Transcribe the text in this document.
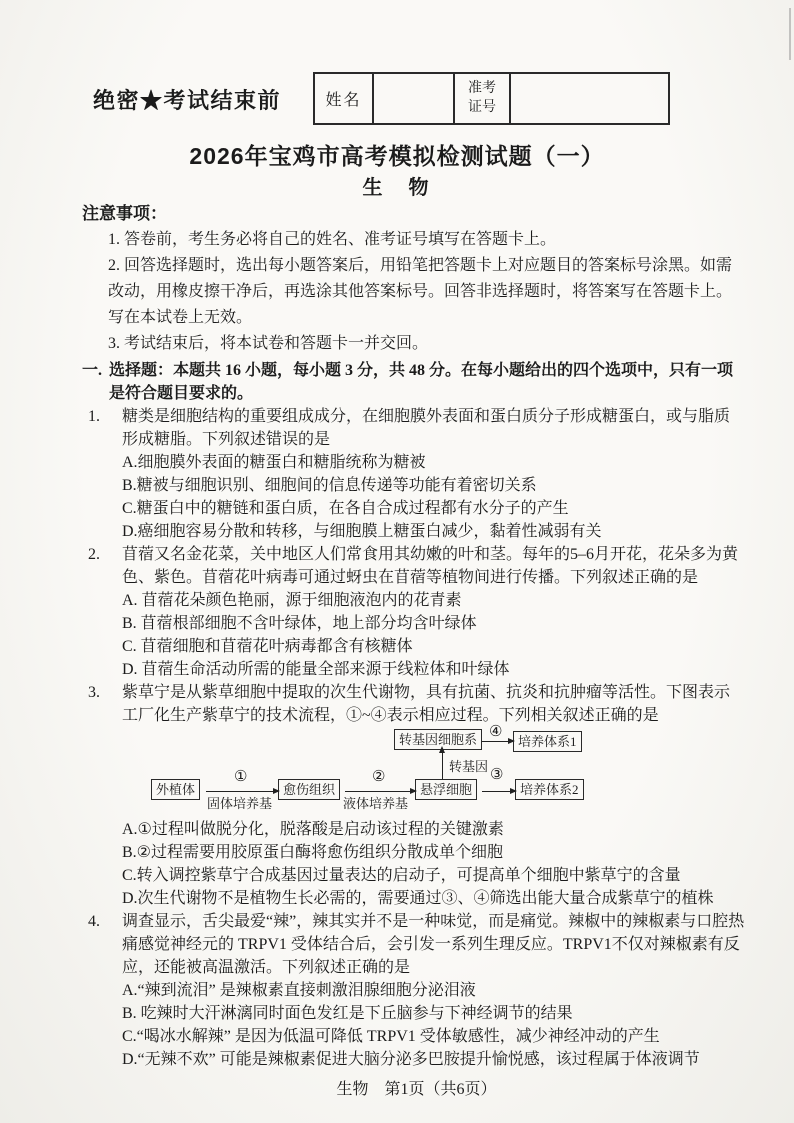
绝密★考试结束前	姓名
准考
证号
2026年宝鸡市高考模拟检测试题（一）
生　物
注意事项：
1. 答卷前，考生务必将自己的姓名、准考证号填写在答题卡上。
2. 回答选择题时，选出每小题答案后，用铅笔把答题卡上对应题目的答案标号涂黑。如需改动，用橡皮擦干净后，再选涂其他答案标号。回答非选择题时，将答案写在答题卡上。写在本试卷上无效。
3. 考试结束后，将本试卷和答题卡一并交回。
一. 选择题：本题共 16 小题，每小题 3 分，共 48 分。在每小题给出的四个选项中，只有一项是符合题目要求的。
1.	糖类是细胞结构的重要组成成分，在细胞膜外表面和蛋白质分子形成糖蛋白，或与脂质形成糖脂。下列叙述错误的是
A.细胞膜外表面的糖蛋白和糖脂统称为糖被
B.糖被与细胞识别、细胞间的信息传递等功能有着密切关系
C.糖蛋白中的糖链和蛋白质，在各自合成过程都有水分子的产生
D.癌细胞容易分散和转移，与细胞膜上糖蛋白减少，黏着性减弱有关
2.	苜蓿又名金花菜，关中地区人们常食用其幼嫩的叶和茎。每年的5–6月开花，花朵多为黄色、紫色。苜蓿花叶病毒可通过蚜虫在苜蓿等植物间进行传播。下列叙述正确的是
A. 苜蓿花朵颜色艳丽，源于细胞液泡内的花青素
B. 苜蓿根部细胞不含叶绿体，地上部分均含叶绿体
C. 苜蓿细胞和苜蓿花叶病毒都含有核糖体
D. 苜蓿生命活动所需的能量全部来源于线粒体和叶绿体
3.	紫草宁是从紫草细胞中提取的次生代谢物，具有抗菌、抗炎和抗肿瘤等活性。下图表示工厂化生产紫草宁的技术流程，①~④表示相应过程。下列相关叙述正确的是
转基因细胞系 ④
培养体系1
转基因
外植体
①
固体培养基
愈伤组织
②
液体培养基
悬浮细胞
③
培养体系2
A.①过程叫做脱分化，脱落酸是启动该过程的关键激素
B.②过程需要用胶原蛋白酶将愈伤组织分散成单个细胞
C.转入调控紫草宁合成基因过量表达的启动子，可提高单个细胞中紫草宁的含量
D.次生代谢物不是植物生长必需的，需要通过③、④筛选出能大量合成紫草宁的植株
4.	调查显示，舌尖最爱“辣”，辣其实并不是一种味觉，而是痛觉。辣椒中的辣椒素与口腔热痛感觉神经元的 TRPV1 受体结合后，会引发一系列生理反应。TRPV1不仅对辣椒素有反应，还能被高温激活。下列叙述正确的是
A.“辣到流泪” 是辣椒素直接刺激泪腺细胞分泌泪液
B. 吃辣时大汗淋漓同时面色发红是下丘脑参与下神经调节的结果
C.“喝冰水解辣” 是因为低温可降低 TRPV1 受体敏感性，减少神经冲动的产生
D.“无辣不欢” 可能是辣椒素促进大脑分泌多巴胺提升愉悦感，该过程属于体液调节
生物　第1页（共6页）
